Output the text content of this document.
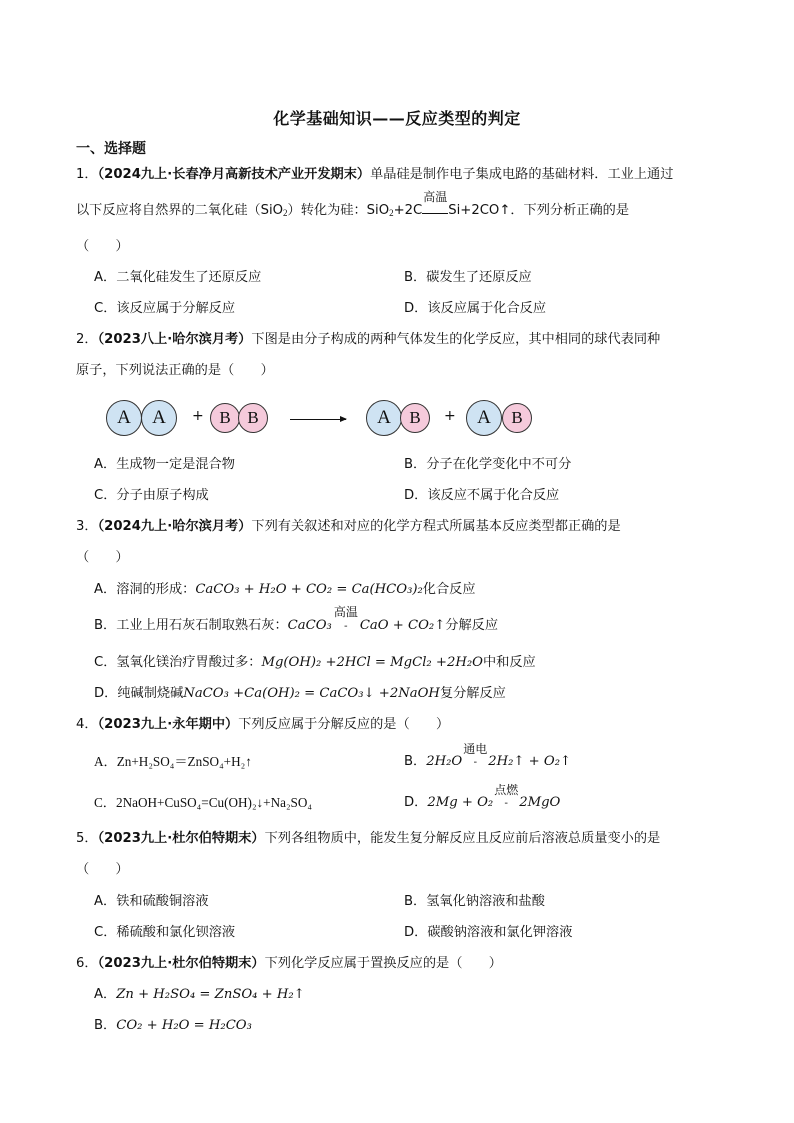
化学基础知识——反应类型的判定
一、选择题
1．（2024九上·长春净月高新技术产业开发期末）单晶硅是制作电子集成电路的基础材料．工业上通过
以下反应将自然界的二氧化硅（SiO$_2$）转化为硅：SiO$_2$+2C
高温
Si+2CO↑．下列分析正确的是
（　　）
A．二氧化硅发生了还原反应	B．碳发生了还原反应
C．该反应属于分解反应	D．该反应属于化合反应
2．（2023八上·哈尔滨月考）下图是由分子构成的两种气体发生的化学反应，其中相同的球代表同种
原子，下列说法正确的是（　　）
A	A	+ B B	A	B	+	A	B
A．生成物一定是混合物	B．分子在化学变化中不可分
C．分子由原子构成	D．该反应不属于化合反应
3．（2024九上·哈尔滨月考）下列有关叙述和对应的化学方程式所属基本反应类型都正确的是
（　　）
A．溶洞的形成：CaCO₃ + H₂O + CO₂ = Ca(HCO₃)₂化合反应
B．工业上用石灰石制取熟石灰：CaCO₃
高温
- CaO + CO₂↑分解反应
C．氢氧化镁治疗胃酸过多：Mg(OH)₂ +2HCl = MgCl₂ +2H₂O中和反应
D．纯碱制烧碱NaCO₃ +Ca(OH)₂ = CaCO₃↓ +2NaOH复分解反应
4．（2023九上·永年期中）下列反应属于分解反应的是（　　）
A．Zn+H₂SO₄＝ZnSO₄+H₂↑	B．2H₂O
通电
- 2H₂↑ + O₂↑
C．2NaOH+CuSO₄=Cu(OH)₂↓+Na₂SO₄	D．2Mg + O₂
点燃
- 2MgO
5．（2023九上·杜尔伯特期末）下列各组物质中，能发生复分解反应且反应前后溶液总质量变小的是
（　　）
A．铁和硫酸铜溶液	B．氢氧化钠溶液和盐酸
C．稀硫酸和氯化钡溶液	D．碳酸钠溶液和氯化钾溶液
6．（2023九上·杜尔伯特期末）下列化学反应属于置换反应的是（　　）
A．Zn + H₂SO₄ = ZnSO₄ + H₂↑
B．CO₂ + H₂O = H₂CO₃
